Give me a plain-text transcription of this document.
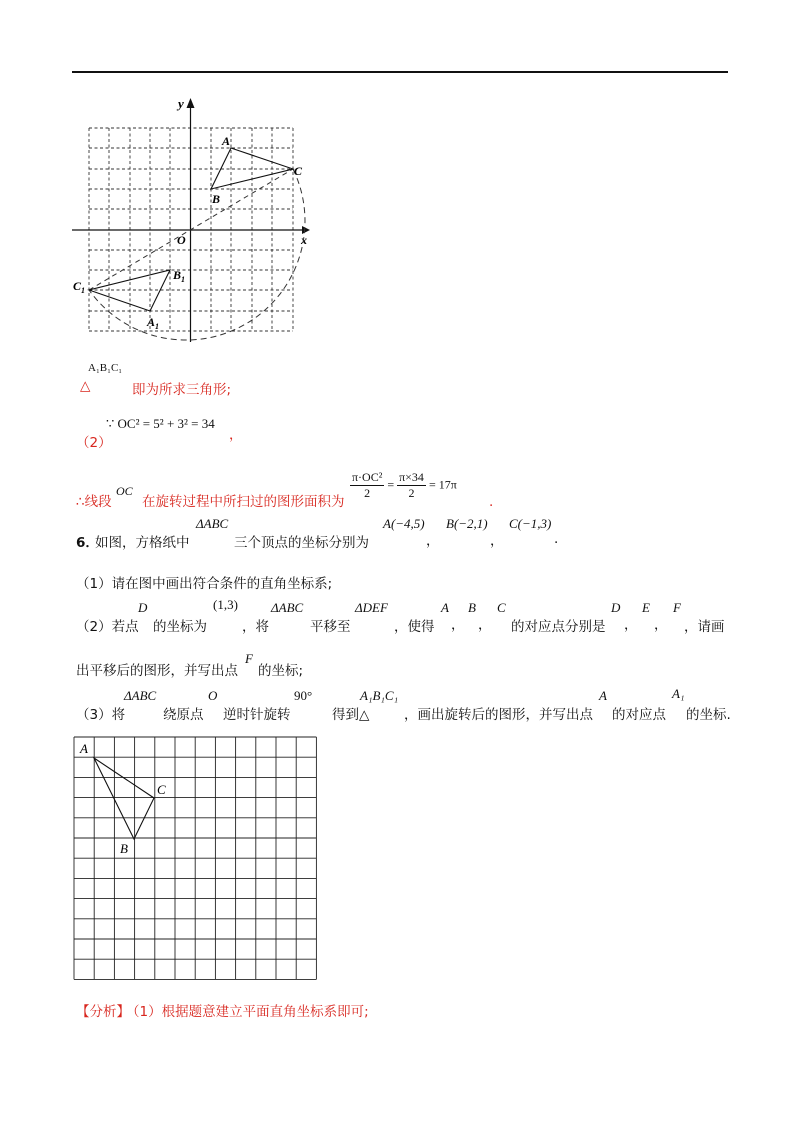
y
x
O
A
B
C
$A_1$
$B_1$
$C_1$
A₁B₁C₁
△	即为所求三角形;
（2）
∵ OC² = 5² + 3² = 34
，
∴线段
OC
在旋转过程中所扫过的图形面积为
$\frac{\text{π·OC²}}{2} = \frac{\pi\times 34}{2} = 17\pi$
.
6．
如图，方格纸中
ΔABC
三个顶点的坐标分别为
A(−4,5)
，
B(−2,1)
，
C(−1,3)
.
（1）请在图中画出符合条件的直角坐标系;
（2）若点
D
的坐标为
(1,3)
，将
ΔABC
平移至
ΔDEF
，使得
A
，
B
，
C
的对应点分别是
D
，
E
，
F
，请画
出平移后的图形，并写出点
F
的坐标;
（3）将
ΔABC
绕原点
O
逆时针旋转
90°
得到△
A₁B₁C₁
，画出旋转后的图形，并写出点
A
的对应点
A₁
的坐标.
A
C
B
【分析】
（1）根据题意建立平面直角坐标系即可;
